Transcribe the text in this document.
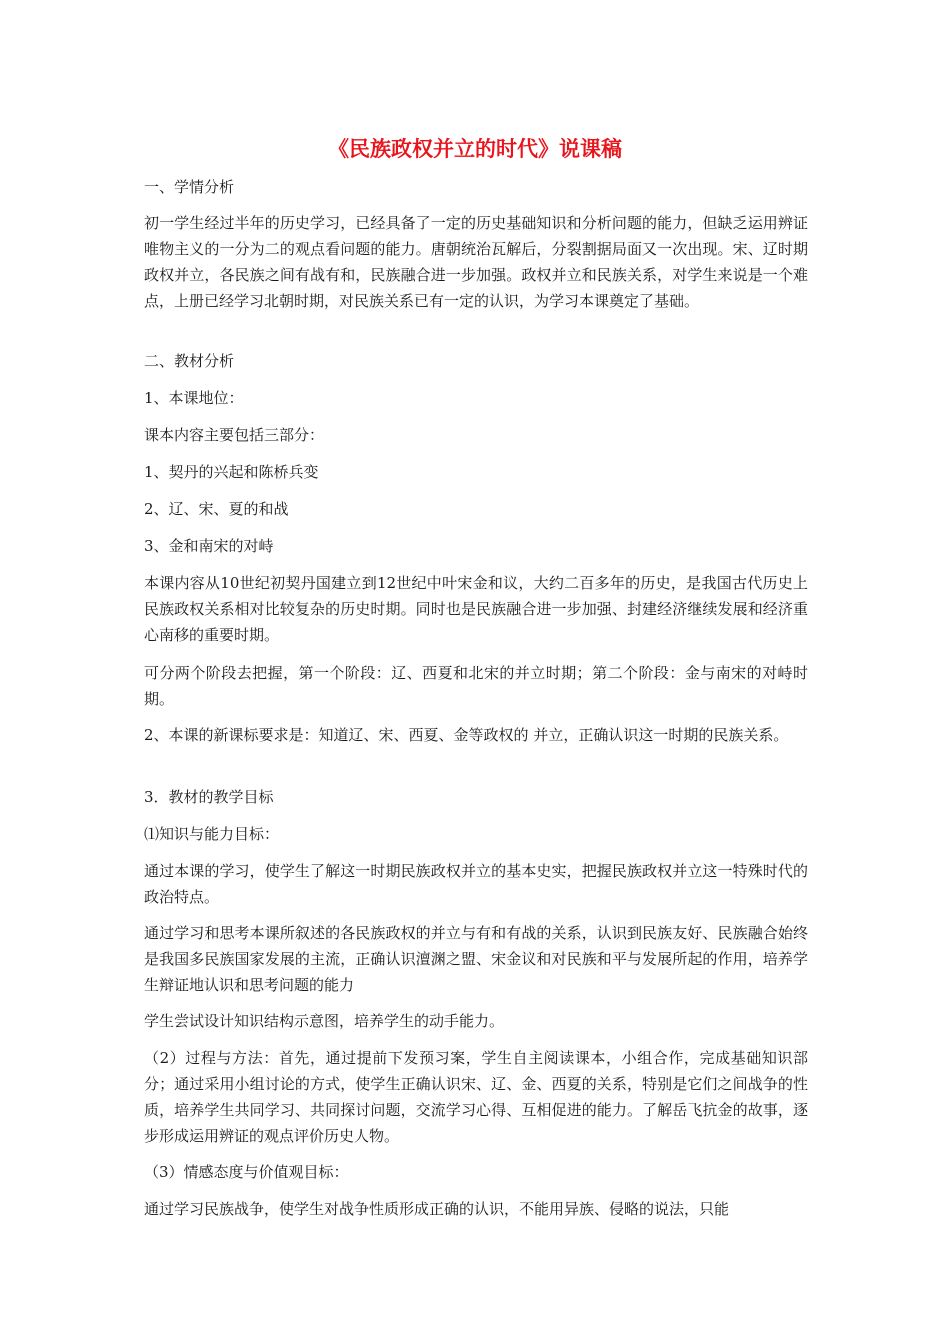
《民族政权并立的时代》说课稿
一、学情分析
初一学生经过半年的历史学习，已经具备了一定的历史基础知识和分析问题的能力，但缺乏运用辨证唯物主义的一分为二的观点看问题的能力。唐朝统治瓦解后，分裂割据局面又一次出现。宋、辽时期政权并立，各民族之间有战有和，民族融合进一步加强。政权并立和民族关系，对学生来说是一个难点，上册已经学习北朝时期，对民族关系已有一定的认识，为学习本课奠定了基础。
二、教材分析
1、本课地位：
课本内容主要包括三部分：
1、契丹的兴起和陈桥兵变
2、辽、宋、夏的和战
3、金和南宋的对峙
本课内容从10世纪初契丹国建立到12世纪中叶宋金和议，大约二百多年的历史，是我国古代历史上民族政权关系相对比较复杂的历史时期。同时也是民族融合进一步加强、封建经济继续发展和经济重心南移的重要时期。
可分两个阶段去把握，第一个阶段：辽、西夏和北宋的并立时期；第二个阶段：金与南宋的对峙时期。
2、本课的新课标要求是：知道辽、宋、西夏、金等政权的 并立，正确认识这一时期的民族关系。
3．教材的教学目标
⑴知识与能力目标：
通过本课的学习，使学生了解这一时期民族政权并立的基本史实，把握民族政权并立这一特殊时代的政治特点。
通过学习和思考本课所叙述的各民族政权的并立与有和有战的关系，认识到民族友好、民族融合始终是我国多民族国家发展的主流，正确认识澶渊之盟、宋金议和对民族和平与发展所起的作用，培养学生辩证地认识和思考问题的能力
学生尝试设计知识结构示意图，培养学生的动手能力。
（2）过程与方法：首先，通过提前下发预习案，学生自主阅读课本，小组合作，完成基础知识部分；通过采用小组讨论的方式，使学生正确认识宋、辽、金、西夏的关系，特别是它们之间战争的性质，培养学生共同学习、共同探讨问题，交流学习心得、互相促进的能力。了解岳飞抗金的故事，逐步形成运用辨证的观点评价历史人物。
（3）情感态度与价值观目标：
通过学习民族战争，使学生对战争性质形成正确的认识，不能用异族、侵略的说法，只能
